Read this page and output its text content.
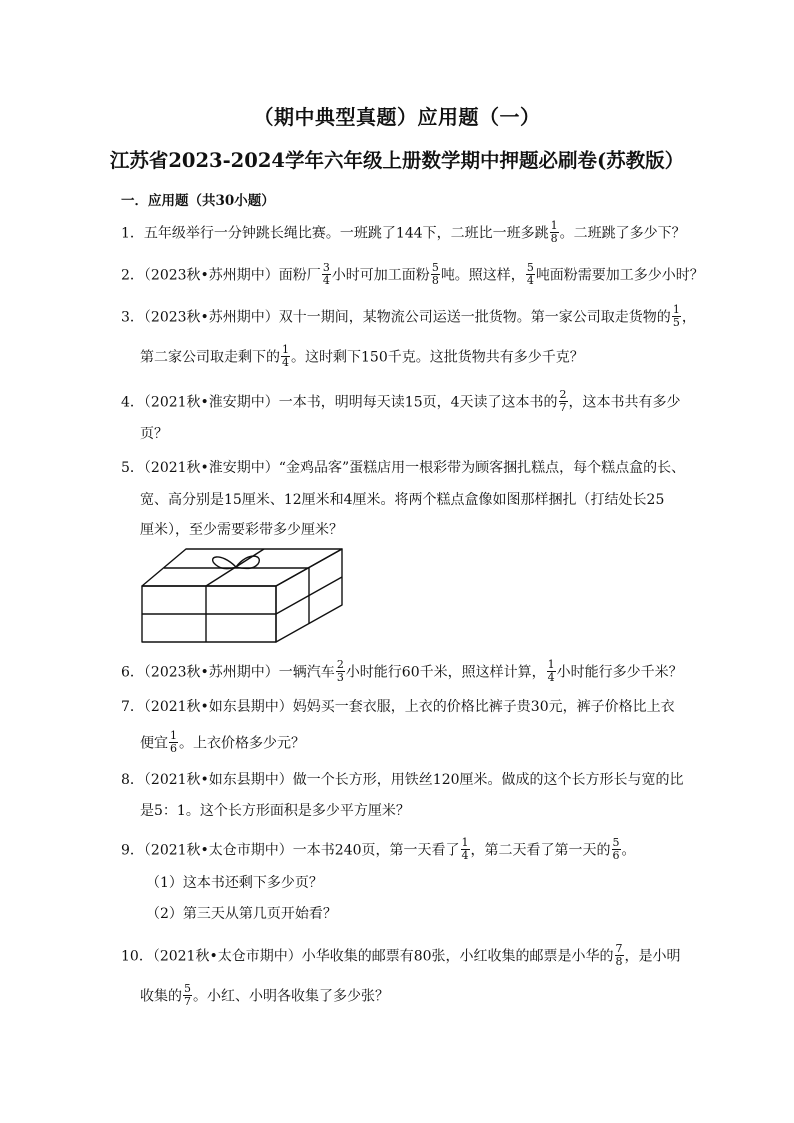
（期中典型真题）应用题（一）
江苏省2023-2024学年六年级上册数学期中押题必刷卷(苏教版）
一．应用题（共30小题）
1．五年级举行一分钟跳长绳比赛。一班跳了144下，二班比一班多跳 $\frac{1}{8}$ 。二班跳了多少下？
2．（2023秋•苏州期中）面粉厂 $\frac{3}{4}$ 小时可加工面粉 $\frac{5}{8}$ 吨。照这样， $\frac{5}{4}$ 吨面粉需要加工多少小时？
3．（2023秋•苏州期中）双十一期间，某物流公司运送一批货物。第一家公司取走货物的 $\frac{1}{5}$ ，
第二家公司取走剩下的 $\frac{1}{4}$ 。这时剩下150千克。这批货物共有多少千克？
4．（2021秋•淮安期中）一本书，明明每天读15页，4天读了这本书的 $\frac{2}{7}$ ，这本书共有多少
页？
5．（2021秋•淮安期中）“金鸡品客”蛋糕店用一根彩带为顾客捆扎糕点，每个糕点盒的长、
宽、高分别是15厘米、12厘米和4厘米。将两个糕点盒像如图那样捆扎（打结处长25
厘米），至少需要彩带多少厘米？
6．（2023秋•苏州期中）一辆汽车 $\frac{2}{3}$ 小时能行60千米，照这样计算， $\frac{1}{4}$ 小时能行多少千米？
7．（2021秋•如东县期中）妈妈买一套衣服，上衣的价格比裤子贵30元，裤子价格比上衣
便宜 $\frac{1}{6}$ 。上衣价格多少元？
8．（2021秋•如东县期中）做一个长方形，用铁丝120厘米。做成的这个长方形长与宽的比
是5：1。这个长方形面积是多少平方厘米？
9．（2021秋•太仓市期中）一本书240页，第一天看了 $\frac{1}{4}$ ，第二天看了第一天的 $\frac{5}{6}$ 。
（1）这本书还剩下多少页？
（2）第三天从第几页开始看？
10．（2021秋•太仓市期中）小华收集的邮票有80张，小红收集的邮票是小华的 $\frac{7}{8}$ ，是小明
收集的 $\frac{5}{7}$ 。小红、小明各收集了多少张？
